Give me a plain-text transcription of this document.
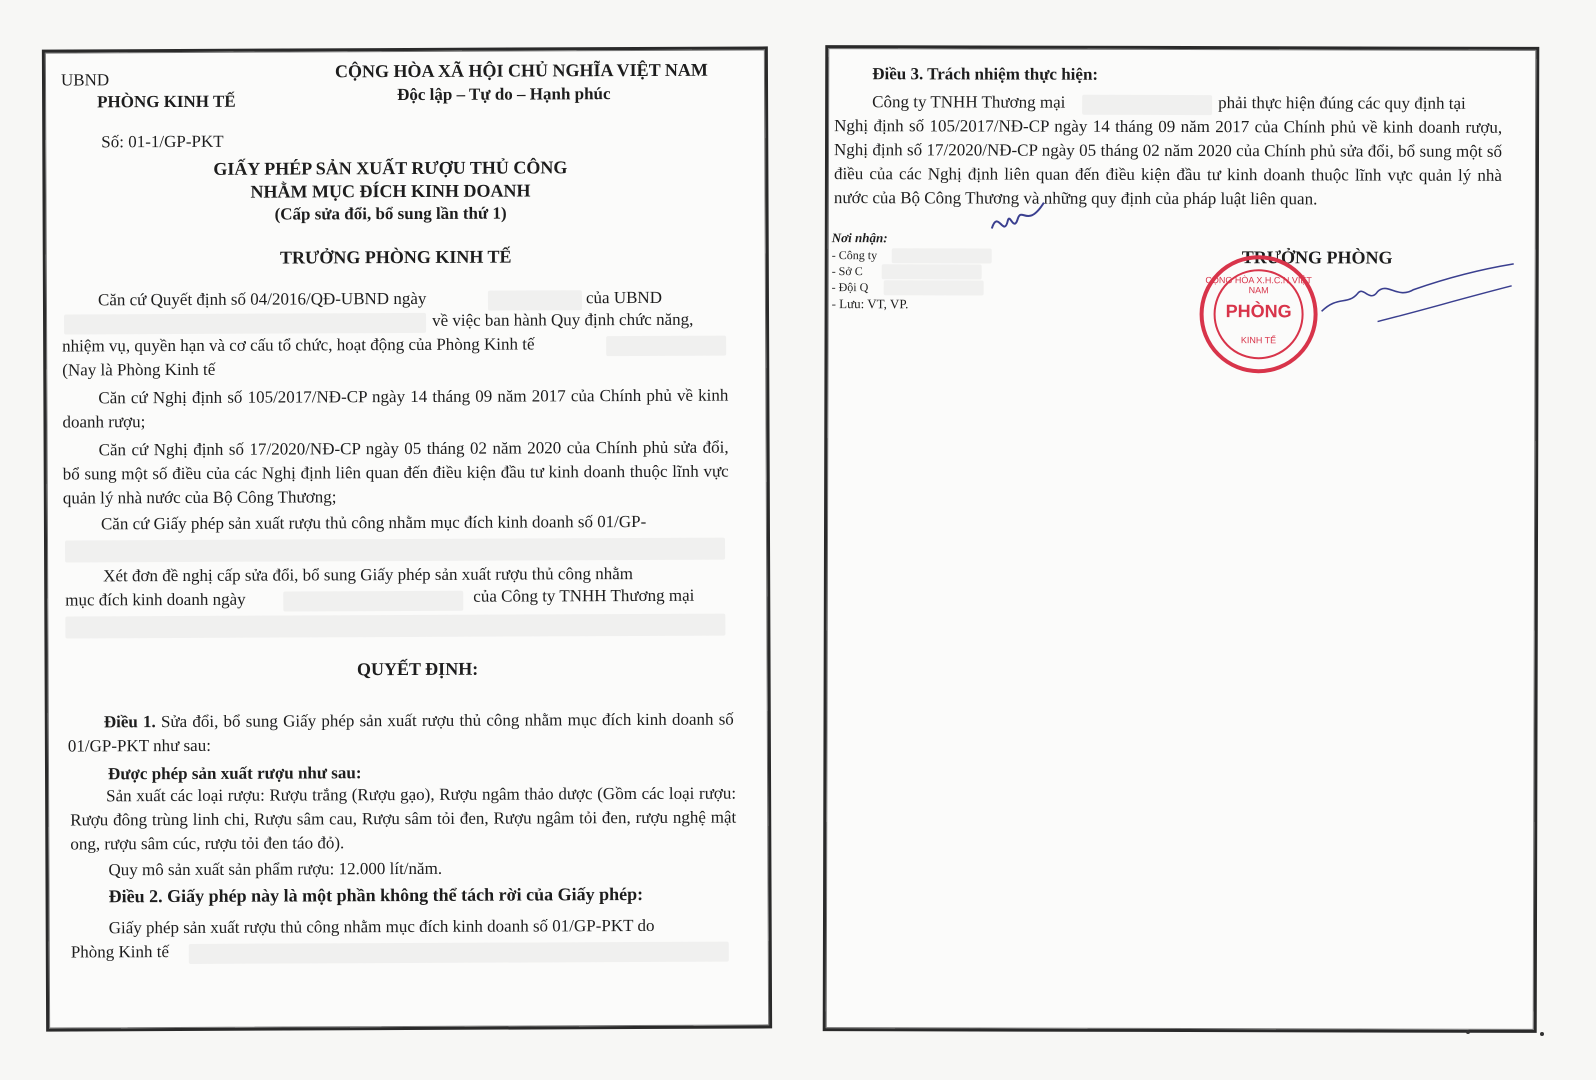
UBND
PHÒNG KINH TẾ
CỘNG HÒA XÃ HỘI CHỦ NGHĨA VIỆT NAM
Độc lập – Tự do – Hạnh phúc
Số: 01-1/GP-PKT
GIẤY PHÉP SẢN XUẤT RƯỢU THỦ CÔNG
NHẰM MỤC ĐÍCH KINH DOANH
(Cấp sửa đổi, bổ sung lần thứ 1)
TRƯỞNG PHÒNG KINH TẾ
Căn cứ Quyết định số 04/2016/QĐ-UBND ngày	của UBND
về việc ban hành Quy định chức năng,
nhiệm vụ, quyền hạn và cơ cấu tổ chức, hoạt động của Phòng Kinh tế
(Nay là Phòng Kinh tế

Căn cứ Nghị định số 105/2017/NĐ-CP ngày 14 tháng 09 năm 2017 của Chính phủ về kinh doanh rượu;

Căn cứ Nghị định số 17/2020/NĐ-CP ngày 05 tháng 02 năm 2020 của Chính phủ sửa đổi, bổ sung một số điều của các Nghị định liên quan đến điều kiện đầu tư kinh doanh thuộc lĩnh vực quản lý nhà nước của Bộ Công Thương;

Căn cứ Giấy phép sản xuất rượu thủ công nhằm mục đích kinh doanh số 01/GP-
Xét đơn đề nghị cấp sửa đổi, bổ sung Giấy phép sản xuất rượu thủ công nhằm
mục đích kinh doanh ngày	của Công ty TNHH Thương mại
QUYẾT ĐỊNH:

Điều 1. Sửa đổi, bổ sung Giấy phép sản xuất rượu thủ công nhằm mục đích kinh doanh số 01/GP-PKT như sau:

Được phép sản xuất rượu như sau:

Sản xuất các loại rượu: Rượu trắng (Rượu gạo), Rượu ngâm thảo dược (Gồm các loại rượu: Rượu đông trùng linh chi, Rượu sâm cau, Rượu sâm tỏi đen, Rượu ngâm tỏi đen, rượu nghệ mật ong, rượu sâm cúc, rượu tỏi đen táo đỏ).

Quy mô sản xuất sản phẩm rượu: 12.000 lít/năm.
Điều 2. Giấy phép này là một phần không thể tách rời của Giấy phép:
Giấy phép sản xuất rượu thủ công nhằm mục đích kinh doanh số 01/GP-PKT do
Phòng Kinh tế
Điều 3. Trách nhiệm thực hiện:
Công ty TNHH Thương mại	phải thực hiện đúng các quy định tại

Nghị định số 105/2017/NĐ-CP ngày 14 tháng 09 năm 2017 của Chính phủ về kinh doanh rượu, Nghị định số 17/2020/NĐ-CP ngày 05 tháng 02 năm 2020 của Chính phủ sửa đổi, bổ sung một số điều của các Nghị định liên quan đến điều kiện đầu tư kinh doanh thuộc lĩnh vực quản lý nhà nước của Bộ Công Thương và những quy định của pháp luật liên quan.

Nơi nhận:
- Công ty
- Sở C
- Đội Q
- Lưu: VT, VP.
TRƯỞNG PHÒNG
CỘNG HÒA X.H.C.N VIỆT NAM
PHÒNG
KINH TẾ
